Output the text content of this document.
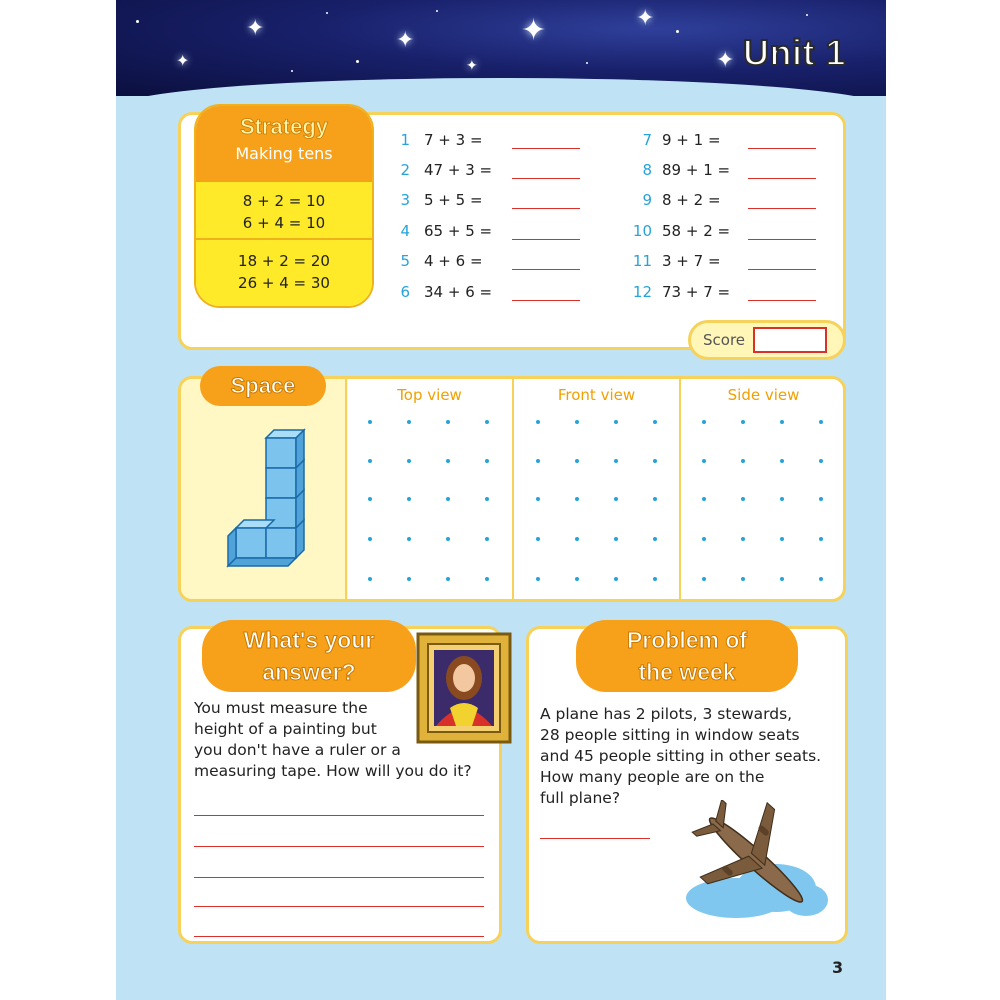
✦	✦	✦	✦
✦
✦	✦	Unit 1
Strategy
Making tens
8 + 2 = 10
6 + 4 = 10
18 + 2 = 20
26 + 4 = 30
1 7 + 3 =
2 47 + 3 =
3 5 + 5 =
4 65 + 5 =
5 4 + 6 =
6 34 + 6 =
7 9 + 1 =
8 89 + 1 =
9 8 + 2 =
10 58 + 2 =
11 3 + 7 =
12 73 + 7 =
Score
Space	Top view	Front view	Side view
What's your
answer?
You must measure the
height of a painting but
you don't have a ruler or a
measuring tape. How will you do it?
Problem of
the week
A plane has 2 pilots, 3 stewards,
28 people sitting in window seats
and 45 people sitting in other seats.
How many people are on the
full plane?
3
